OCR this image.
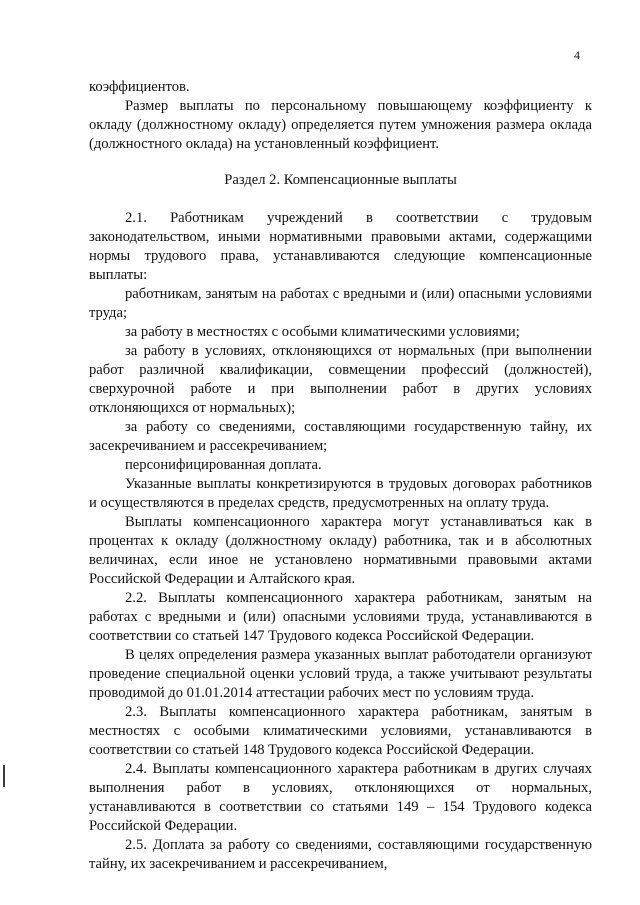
4

коэффициентов.

Размер выплаты по персональному повышающему коэффициенту к окладу (должностному окладу) определяется путем умножения размера оклада (должностного оклада) на установленный коэффициент.

Раздел 2. Компенсационные выплаты

2.1. Работникам учреждений в соответствии с трудовым законодательством, иными нормативными правовыми актами, содержащими нормы трудового права, устанавливаются следующие компенсационные выплаты:

работникам, занятым на работах с вредными и (или) опасными условиями труда;

за работу в местностях с особыми климатическими условиями;

за работу в условиях, отклоняющихся от нормальных (при выполнении работ различной квалификации, совмещении профессий (должностей), сверхурочной работе и при выполнении работ в других условиях отклоняющихся от нормальных);

за работу со сведениями, составляющими государственную тайну, их засекречиванием и рассекречиванием;

персонифицированная доплата.

Указанные выплаты конкретизируются в трудовых договорах работников и осуществляются в пределах средств, предусмотренных на оплату труда.

Выплаты компенсационного характера могут устанавливаться как в процентах к окладу (должностному окладу) работника, так и в абсолютных величинах, если иное не установлено нормативными правовыми актами Российской Федерации и Алтайского края.

2.2. Выплаты компенсационного характера работникам, занятым на работах с вредными и (или) опасными условиями труда, устанавливаются в соответствии со статьей 147 Трудового кодекса Российской Федерации.

В целях определения размера указанных выплат работодатели организуют проведение специальной оценки условий труда, а также учитывают результаты проводимой до 01.01.2014 аттестации рабочих мест по условиям труда.

2.3. Выплаты компенсационного характера работникам, занятым в местностях с особыми климатическими условиями, устанавливаются в соответствии со статьей 148 Трудового кодекса Российской Федерации.

2.4. Выплаты компенсационного характера работникам в других случаях выполнения работ в условиях, отклоняющихся от нормальных, устанавливаются в соответствии со статьями 149 – 154 Трудового кодекса Российской Федерации.

2.5. Доплата за работу со сведениями, составляющими государственную тайну, их засекречиванием и рассекречиванием,
